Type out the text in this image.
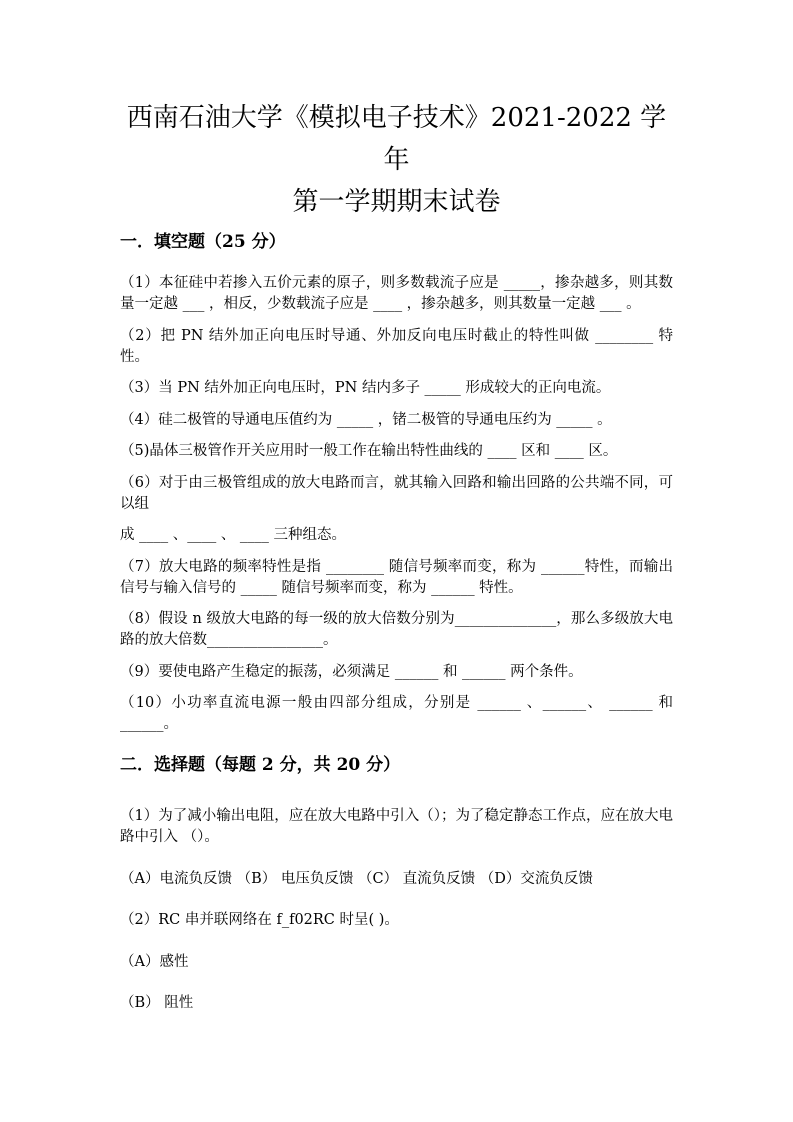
西南石油大学《模拟电子技术》2021-2022 学年
第一学期期末试卷
一．填空题（25 分）

（1）本征硅中若掺入五价元素的原子，则多数载流子应是 _____，掺杂越多，则其数量一定越 ___ ，相反，少数载流子应是 ____ ，掺杂越多，则其数量一定越 ___ 。

（2）把 PN 结外加正向电压时导通、外加反向电压时截止的特性叫做 ________ 特性。

（3）当 PN 结外加正向电压时，PN 结内多子 _____ 形成较大的正向电流。

（4）硅二极管的导通电压值约为 _____ ，锗二极管的导通电压约为 _____ 。

（5)晶体三极管作开关应用时一般工作在输出特性曲线的 ____ 区和 ____ 区。

（6）对于由三极管组成的放大电路而言，就其输入回路和输出回路的公共端不同，可以组

成 ____ 、____ 、 ____ 三种组态。

（7）放大电路的频率特性是指 ________ 随信号频率而变，称为 ______特性，而输出信号与输入信号的 _____ 随信号频率而变，称为 ______ 特性。

（8）假设 n 级放大电路的每一级的放大倍数分别为______________，那么多级放大电路的放大倍数________________。

（9）要使电路产生稳定的振荡，必须满足 ______ 和 ______ 两个条件。

（10）小功率直流电源一般由四部分组成，分别是 ______ 、______、 ______ 和______。

二．选择题（每题 2 分，共 20 分）

（1）为了减小输出电阻，应在放大电路中引入（）；为了稳定静态工作点，应在放大电路中引入 （）。

（A）电流负反馈 （B） 电压负反馈 （C） 直流负反馈 （D）交流负反馈

（2）RC 串并联网络在 f_f02RC 时呈( )。

（A）感性

（B） 阻性
